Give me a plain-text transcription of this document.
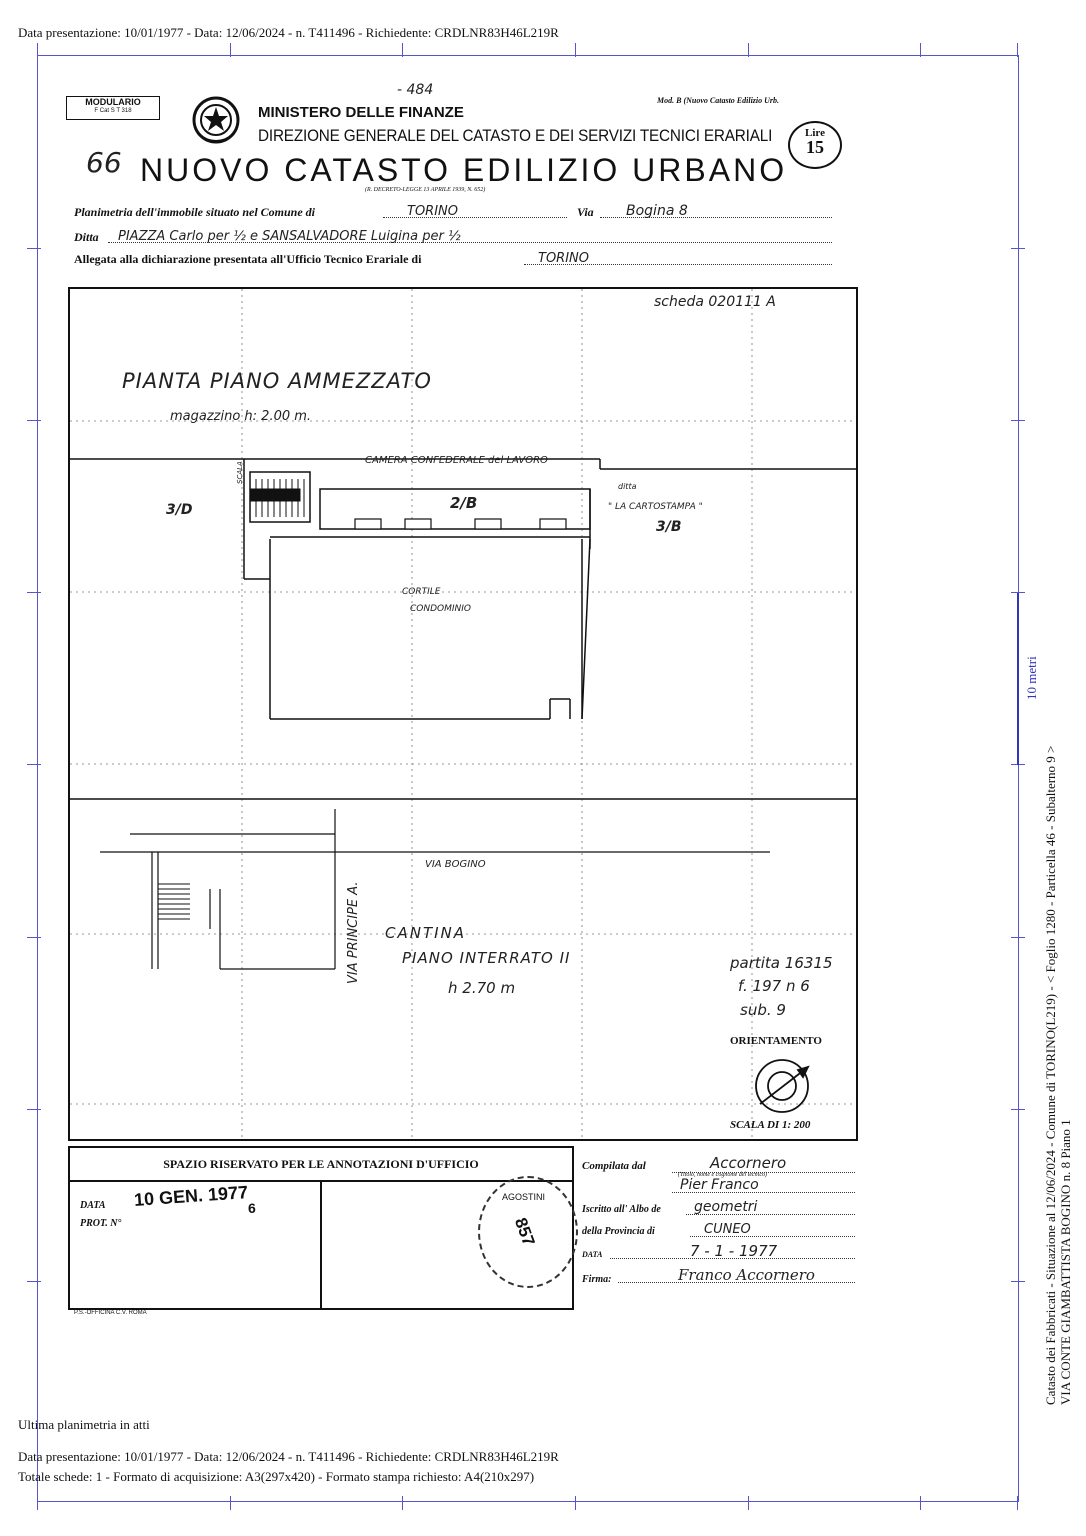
Data presentazione: 10/01/1977 - Data: 12/06/2024 - n. T411496 - Richiedente: CRDLNR83H46L219R
10 metri
Catasto dei Fabbricati - Situazione al 12/06/2024 - Comune di TORINO(L219) - < Foglio 1280 - Particella 46 - Subalterno 9 > VIA CONTE GIAMBATTISTA BOGINO n. 8 Piano 1
MODULARIO
F Cat S T 318
- 484
MINISTERO DELLE FINANZE
Mod. B (Nuovo Catasto Edilizio Urb.
DIREZIONE GENERALE DEL CATASTO E DEI SERVIZI TECNICI ERARIALI	Lire
15
66 NUOVO CATASTO EDILIZIO URBANO
(R. DECRETO-LEGGE 13 APRILE 1939, N. 652)
Planimetria dell'immobile situato nel Comune di	TORINO	Via	Bogina 8
Ditta	PIAZZA Carlo per ½ e SANSALVADORE Luigina per ½
Allegata alla dichiarazione presentata all'Ufficio Tecnico Erariale di	TORINO
scheda 020111 A
PIANTA PIANO AMMEZZATO
magazzino h: 2.00 m.
CAMERA CONFEDERALE del LAVORO
3/D
SCALA
2/B
ditta
" LA CARTOSTAMPA "
3/B
CORTILE
CONDOMINIO
VIA BOGINO
VIA PRINCIPE A. CANTINA
PIANO INTERRATO II
h 2.70 m
partita 16315
f. 197 n 6
sub. 9
ORIENTAMENTO
SCALA DI 1: 200
SPAZIO RISERVATO PER LE ANNOTAZIONI D'UFFICIO
DATA 10 GEN. 1977 6
PROT. N°	857
AGOSTINI
P.S.-OFFICINA C.V. ROMA
Compilata dal	Accornero
(Titolo, nome e cognome del tecnico)
Pier Franco
Iscritto all' Albo de	geometri
della Provincia di	CUNEO
DATA	7 - 1 - 1977
Firma:	Franco Accornero
Ultima planimetria in atti
Data presentazione: 10/01/1977 - Data: 12/06/2024 - n. T411496 - Richiedente: CRDLNR83H46L219R
Totale schede: 1 - Formato di acquisizione: A3(297x420) - Formato stampa richiesto: A4(210x297)
